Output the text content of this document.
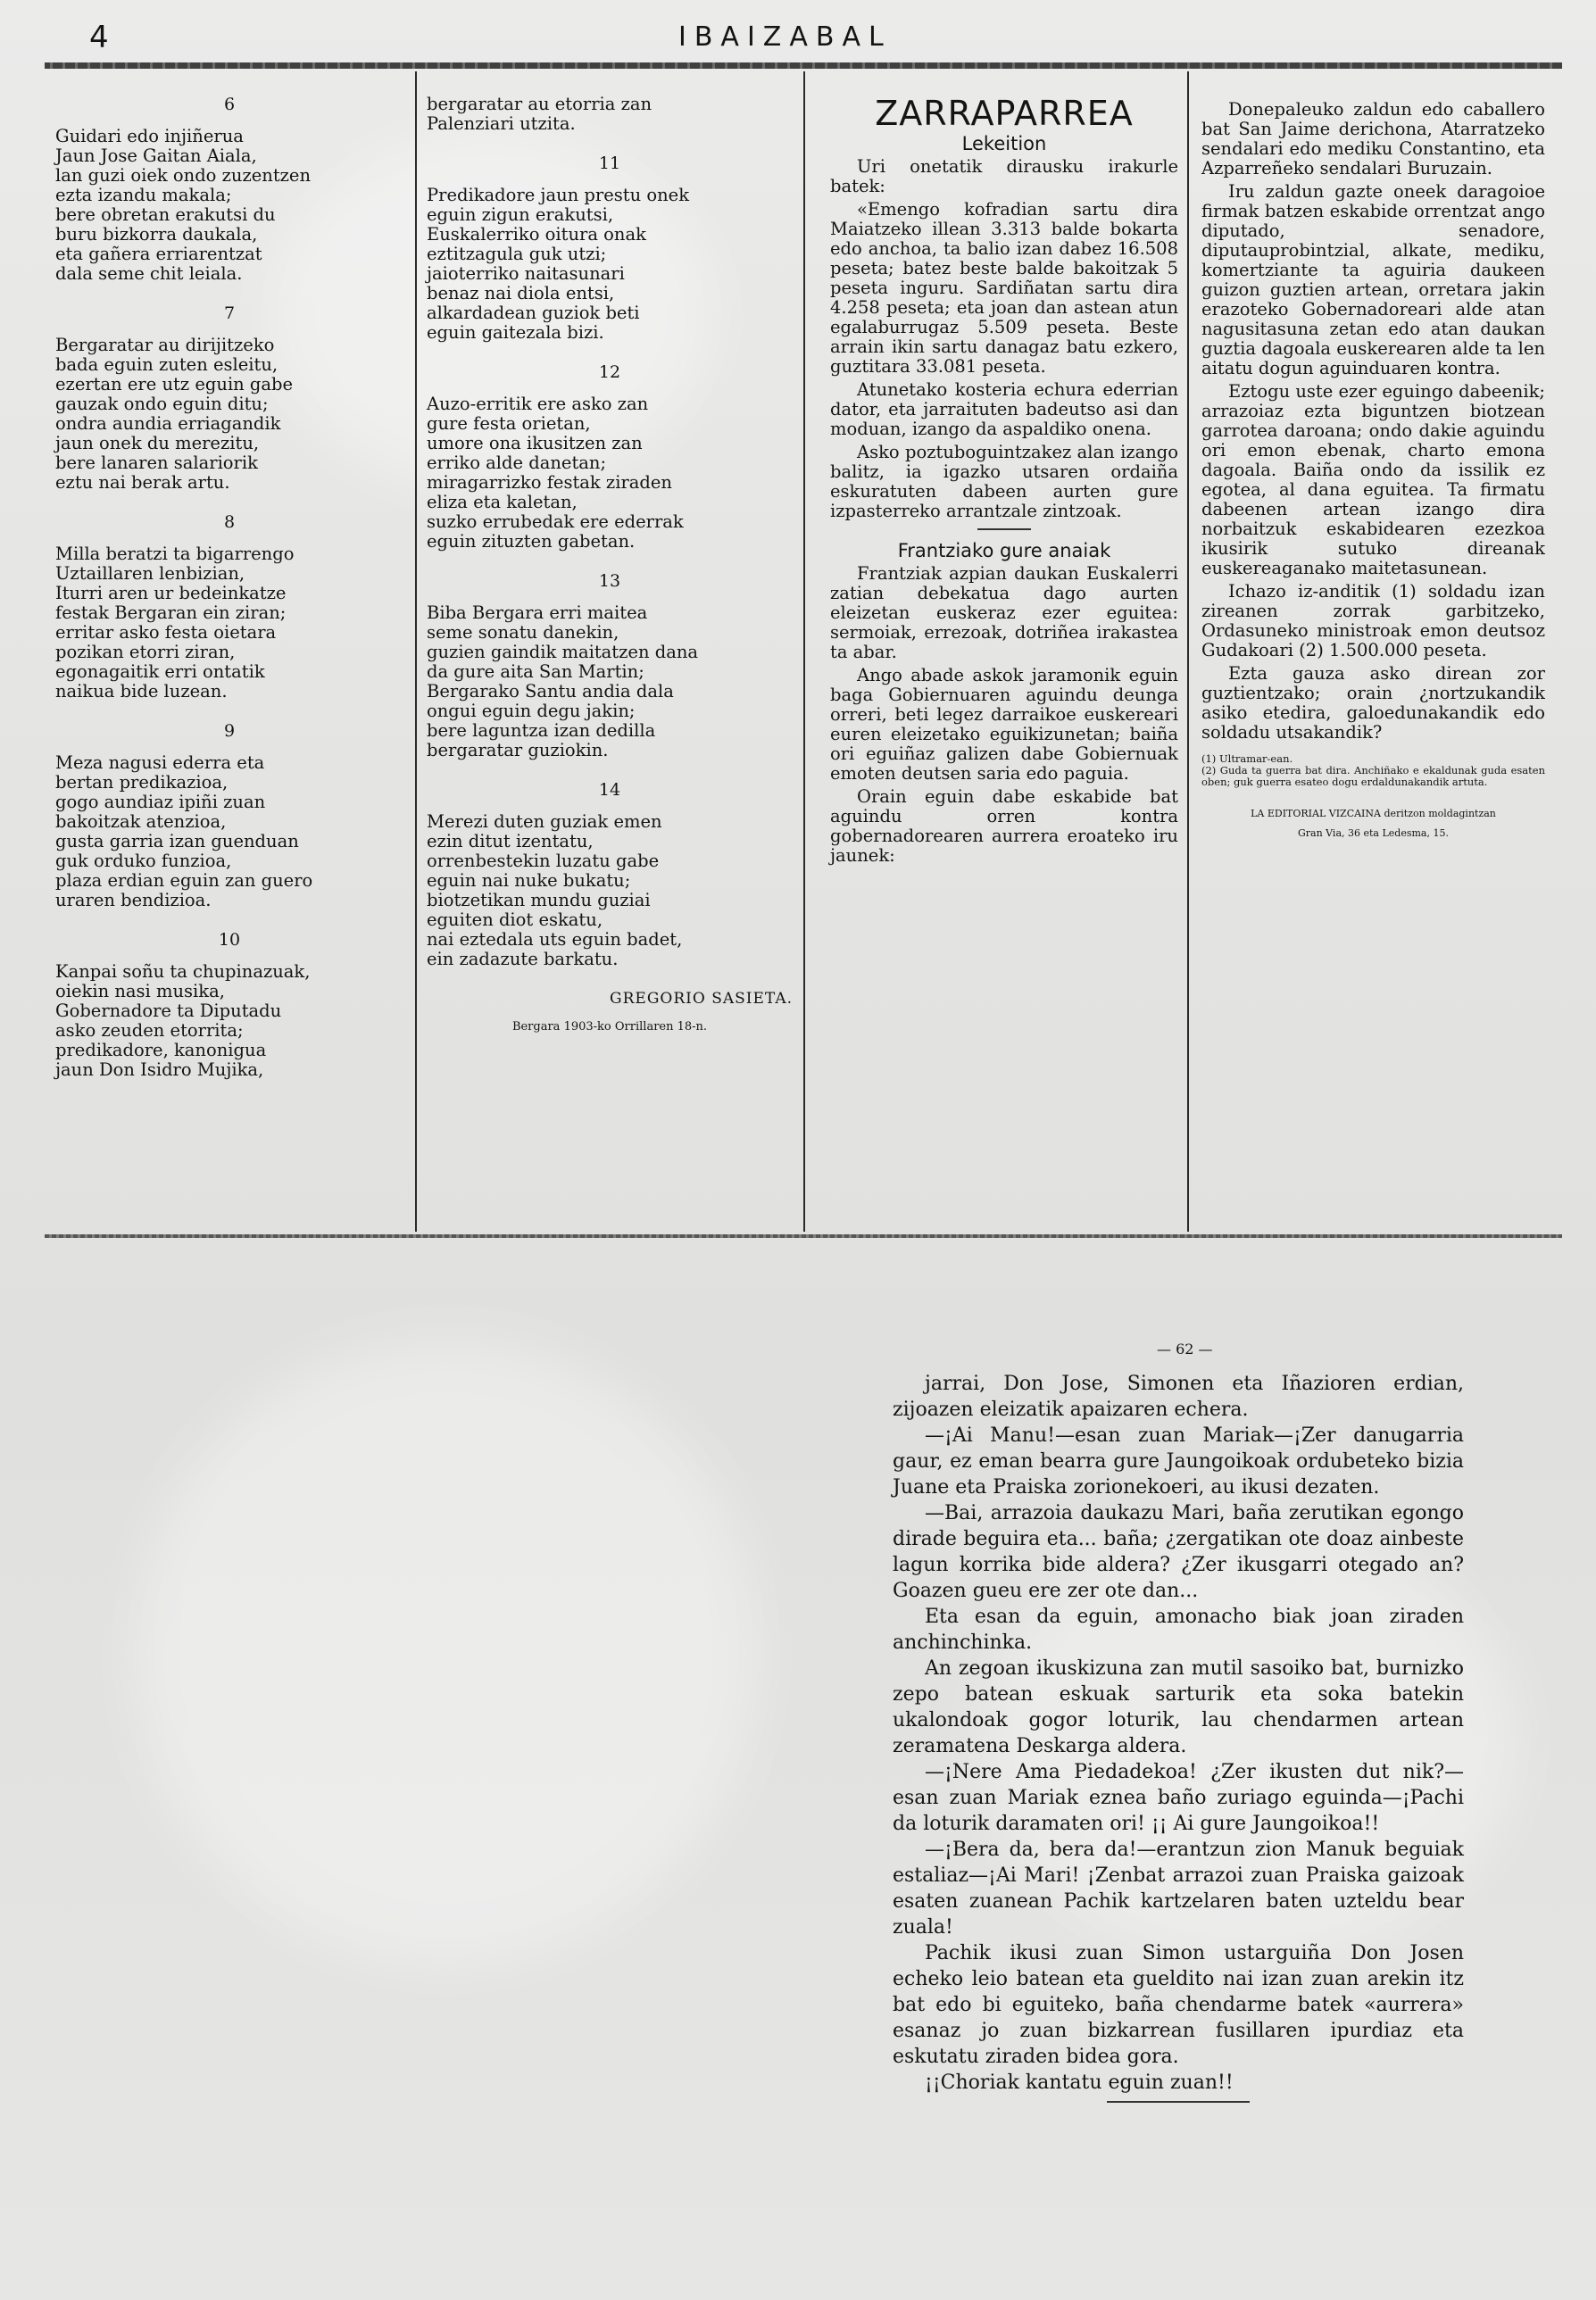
4	IBAIZABAL
6
Guidari edo injiñerua
Jaun Jose Gaitan Aiala,
lan guzi oiek ondo zuzentzen
ezta izandu makala;
bere obretan erakutsi du
buru bizkorra daukala,
eta gañera erriarentzat
dala seme chit leiala.
7
Bergaratar au dirijitzeko
bada eguin zuten esleitu,
ezertan ere utz eguin gabe
gauzak ondo eguin ditu;
ondra aundia erriagandik
jaun onek du merezitu,
bere lanaren salariorik
eztu nai berak artu.
8
Milla beratzi ta bigarrengo
Uztaillaren lenbizian,
Iturri aren ur bedeinkatze
festak Bergaran ein ziran;
erritar asko festa oietara
pozikan etorri ziran,
egonagaitik erri ontatik
naikua bide luzean.
9
Meza nagusi ederra eta
bertan predikazioa,
gogo aundiaz ipiñi zuan
bakoitzak atenzioa,
gusta garria izan guenduan
guk orduko funzioa,
plaza erdian eguin zan guero
uraren bendizioa.
10
Kanpai soñu ta chupinazuak,
oiekin nasi musika,
Gobernadore ta Diputadu
asko zeuden etorrita;
predikadore, kanonigua
jaun Don Isidro Mujika,
bergaratar au etorria zan
Palenziari utzita.
11
Predikadore jaun prestu onek
eguin zigun erakutsi,
Euskalerriko oitura onak
eztitzagula guk utzi;
jaioterriko naitasunari
benaz nai diola entsi,
alkardadean guziok beti
eguin gaitezala bizi.
12
Auzo-erritik ere asko zan
gure festa orietan,
umore ona ikusitzen zan
erriko alde danetan;
miragarrizko festak ziraden
eliza eta kaletan,
suzko errubedak ere ederrak
eguin zituzten gabetan.
13
Biba Bergara erri maitea
seme sonatu danekin,
guzien gaindik maitatzen dana
da gure aita San Martin;
Bergarako Santu andia dala
ongui eguin degu jakin;
bere laguntza izan dedilla
bergaratar guziokin.
14
Merezi duten guziak emen
ezin ditut izentatu,
orrenbestekin luzatu gabe
eguin nai nuke bukatu;
biotzetikan mundu guziai
eguiten diot eskatu,
nai eztedala uts eguin badet,
ein zadazute barkatu.
GREGORIO SASIETA.
Bergara 1903-ko Orrillaren 18-n.
ZARRAPARREA
Lekeition

Uri onetatik dirausku irakurle batek:

«Emengo kofradian sartu dira Maiatzeko illean 3.313 balde bokarta edo anchoa, ta balio izan dabez 16.508 peseta; batez beste balde bakoitzak 5 peseta inguru. Sardiñatan sartu dira 4.258 peseta; eta joan dan astean atun egalaburrugaz 5.509 peseta. Beste arrain ikin sartu danagaz batu ezkero, guztitara 33.081 peseta.

Atunetako kosteria echura ederrian dator, eta jarraituten badeutso asi dan moduan, izango da aspaldiko onena.

Asko poztuboguintzakez alan izango balitz, ia igazko utsaren ordaiña eskuratuten dabeen aurten gure izpasterreko arrantzale zintzoak.

Frantziako gure anaiak

Frantziak azpian daukan Euskalerri zatian debekatua dago aurten eleizetan euskeraz ezer eguitea: sermoiak, errezoak, dotriñea irakastea ta abar.

Ango abade askok jaramonik eguin baga Gobiernuaren aguindu deunga orreri, beti legez darraikoe euskereari euren eleizetako eguikizunetan; baiña ori eguiñaz galizen dabe Gobiernuak emoten deutsen saria edo paguia.

Orain eguin dabe eskabide bat aguindu orren kontra gobernadorearen aurrera eroateko iru jaunek:

Donepaleuko zaldun edo caballero bat San Jaime derichona, Atarratzeko sendalari edo mediku Constantino, eta Azparreñeko sendalari Buruzain.

Iru zaldun gazte oneek daragoioe firmak batzen eskabide orrentzat ango diputado, senadore, diputauprobintzial, alkate, mediku, komertziante ta aguiria daukeen guizon guztien artean, orretara jakin erazoteko Gobernadoreari alde atan nagusitasuna zetan edo atan daukan guztia dagoala euskerearen alde ta len aitatu dogun aguinduaren kontra.

Eztogu uste ezer eguingo dabeenik; arrazoiaz ezta biguntzen biotzean garrotea daroana; ondo dakie aguindu ori emon ebenak, charto emona dagoala. Baiña ondo da issilik ez egotea, al dana eguitea. Ta firmatu dabeenen artean izango dira norbaitzuk eskabidearen ezezkoa ikusirik sutuko direanak euskereaganako maitetasunean.

Ichazo iz-anditik (1) soldadu izan zireanen zorrak garbitzeko, Ordasuneko ministroak emon deutsoz Gudakoari (2) 1.500.000 peseta.

Ezta gauza asko direan zor guztientzako; orain ¿nortzukandik asiko etedira, galoedunakandik edo soldadu utsakandik?

(1) Ultramar-ean.
(2) Guda ta guerra bat dira. Anchiñako e ekaldunak guda esaten oben; guk guerra esateo dogu erdaldunakandik artuta.
LA EDITORIAL VIZCAINA deritzon moldagintzan
Gran Via, 36 eta Ledesma, 15.
— 62 —

jarrai, Don Jose, Simonen eta Iñazioren erdian, zijoazen eleizatik apaizaren echera.

—¡Ai Manu!—esan zuan Mariak—¡Zer danugarria gaur, ez eman bearra gure Jaungoikoak ordubeteko bizia Juane eta Praiska zorionekoeri, au ikusi dezaten.

—Bai, arrazoia daukazu Mari, baña zerutikan egongo dirade beguira eta... baña; ¿zergatikan ote doaz ainbeste lagun korrika bide aldera? ¿Zer ikusgarri otegado an? Goazen gueu ere zer ote dan...

Eta esan da eguin, amonacho biak joan ziraden anchinchinka.

An zegoan ikuskizuna zan mutil sasoiko bat, burnizko zepo batean eskuak sarturik eta soka batekin ukalondoak gogor loturik, lau chendarmen artean zeramatena Deskarga aldera.

—¡Nere Ama Piedadekoa! ¿Zer ikusten dut nik?—esan zuan Mariak eznea baño zuriago eguinda—¡Pachi da loturik daramaten ori! ¡¡ Ai gure Jaungoikoa!!

—¡Bera da, bera da!—erantzun zion Manuk beguiak estaliaz—¡Ai Mari! ¡Zenbat arrazoi zuan Praiska gaizoak esaten zuanean Pachik kartzelaren baten uzteldu bear zuala!

Pachik ikusi zuan Simon ustarguiña Don Josen echeko leio batean eta gueldito nai izan zuan arekin itz bat edo bi eguiteko, baña chendarme batek «aurrera» esanaz jo zuan bizkarrean fusillaren ipurdiaz eta eskutatu ziraden bidea gora.

¡¡Choriak kantatu eguin zuan!!
